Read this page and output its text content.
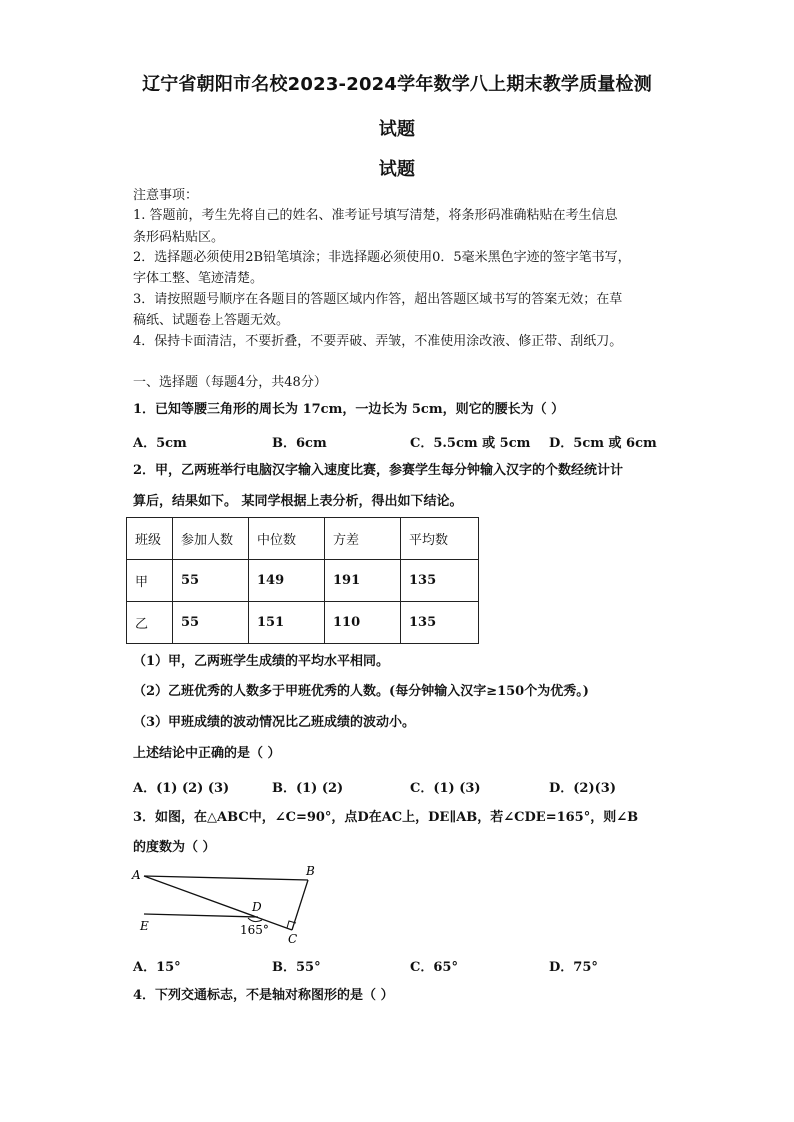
辽宁省朝阳市名校2023-2024学年数学八上期末教学质量检测
试题
试题
注意事项：
1. 答题前，考生先将自己的姓名、准考证号填写清楚，将条形码准确粘贴在考生信息
条形码粘贴区。
2．选择题必须使用2B铅笔填涂；非选择题必须使用0．5毫米黑色字迹的签字笔书写，
字体工整、笔迹清楚。
3．请按照题号顺序在各题目的答题区域内作答，超出答题区域书写的答案无效；在草
稿纸、试题卷上答题无效。
4．保持卡面清洁，不要折叠，不要弄破、弄皱，不准使用涂改液、修正带、刮纸刀。
一、选择题（每题4分，共48分）
1．已知等腰三角形的周长为 17cm，一边长为 5cm，则它的腰长为（ ）
A．5cm	B．6cm	C．5.5cm 或 5cm D．5cm 或 6cm
2．甲，乙两班举行电脑汉字输入速度比赛，参赛学生每分钟输入汉字的个数经统计计
算后，结果如下。 某同学根据上表分析，得出如下结论。
班级	参加人数	中位数	方差	平均数
甲	55	149	191	135
乙	55	151	110	135
（1）甲，乙两班学生成绩的平均水平相同。
（2）乙班优秀的人数多于甲班优秀的人数。(每分钟输入汉字≥150个为优秀。)
（3）甲班成绩的波动情况比乙班成绩的波动小。
上述结论中正确的是（ ）
A．(1) (2) (3)	B．(1) (2)	C．(1) (3)	D．(2)(3)
3．如图，在△ABC中，∠C=90°，点D在AC上，DE∥AB，若∠CDE=165°，则∠B
的度数为（ ）
A	B
C
D
E	165°
A．15°	B．55°	C．65°	D．75°
4．下列交通标志，不是轴对称图形的是（ ）
